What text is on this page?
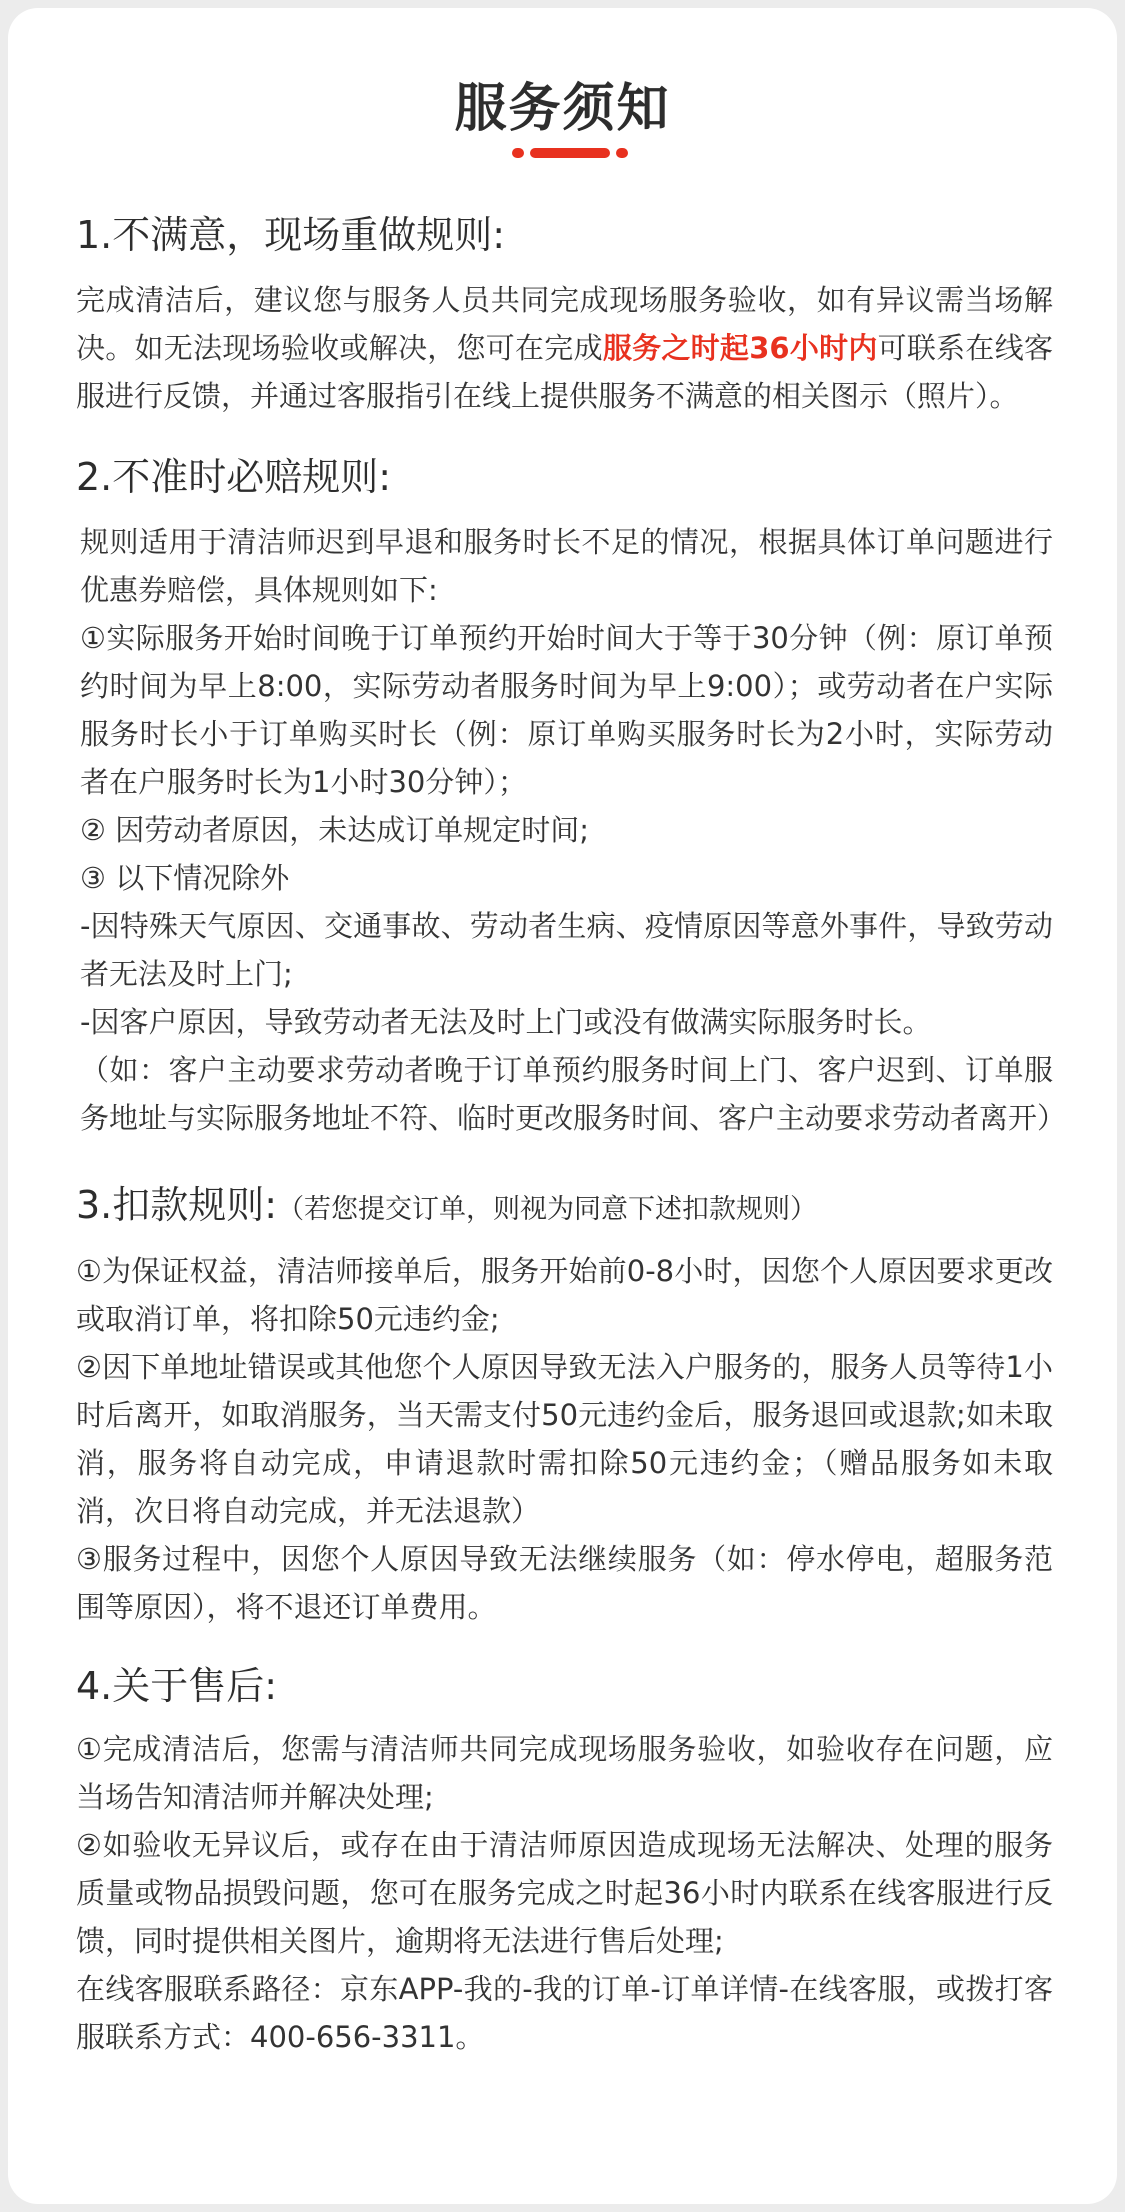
服务须知
1.不满意，现场重做规则:

完成清洁后，建议您与服务人员共同完成现场服务验收，如有异议需当场解决。如无法现场验收或解决，您可在完成服务之时起36小时内可联系在线客服进行反馈，并通过客服指引在线上提供服务不满意的相关图示（照片）。

2.不准时必赔规则:

规则适用于清洁师迟到早退和服务时长不足的情况，根据具体订单问题进行优惠券赔偿，具体规则如下:

①实际服务开始时间晚于订单预约开始时间大于等于30分钟（例：原订单预约时间为早上8:00，实际劳动者服务时间为早上9:00）；或劳动者在户实际服务时长小于订单购买时长（例：原订单购买服务时长为2小时，实际劳动者在户服务时长为1小时30分钟）；

② 因劳动者原因，未达成订单规定时间;

③ 以下情况除外

-因特殊天气原因、交通事故、劳动者生病、疫情原因等意外事件，导致劳动者无法及时上门;

-因客户原因，导致劳动者无法及时上门或没有做满实际服务时长。

（如：客户主动要求劳动者晚于订单预约服务时间上门、客户迟到、订单服务地址与实际服务地址不符、临时更改服务时间、客户主动要求劳动者离开）

3.扣款规则:（若您提交订单，则视为同意下述扣款规则）

①为保证权益，清洁师接单后，服务开始前0-8小时，因您个人原因要求更改或取消订单，将扣除50元违约金;

②因下单地址错误或其他您个人原因导致无法入户服务的，服务人员等待1小时后离开，如取消服务，当天需支付50元违约金后，服务退回或退款;如未取消，服务将自动完成，申请退款时需扣除50元违约金；（赠品服务如未取消，次日将自动完成，并无法退款）

③服务过程中，因您个人原因导致无法继续服务（如：停水停电，超服务范围等原因），将不退还订单费用。

4.关于售后:

①完成清洁后，您需与清洁师共同完成现场服务验收，如验收存在问题，应当场告知清洁师并解决处理;

②如验收无异议后，或存在由于清洁师原因造成现场无法解决、处理的服务质量或物品损毁问题，您可在服务完成之时起36小时内联系在线客服进行反馈，同时提供相关图片，逾期将无法进行售后处理;

在线客服联系路径：京东APP-我的-我的订单-订单详情-在线客服，或拨打客服联系方式：400-656-3311。
